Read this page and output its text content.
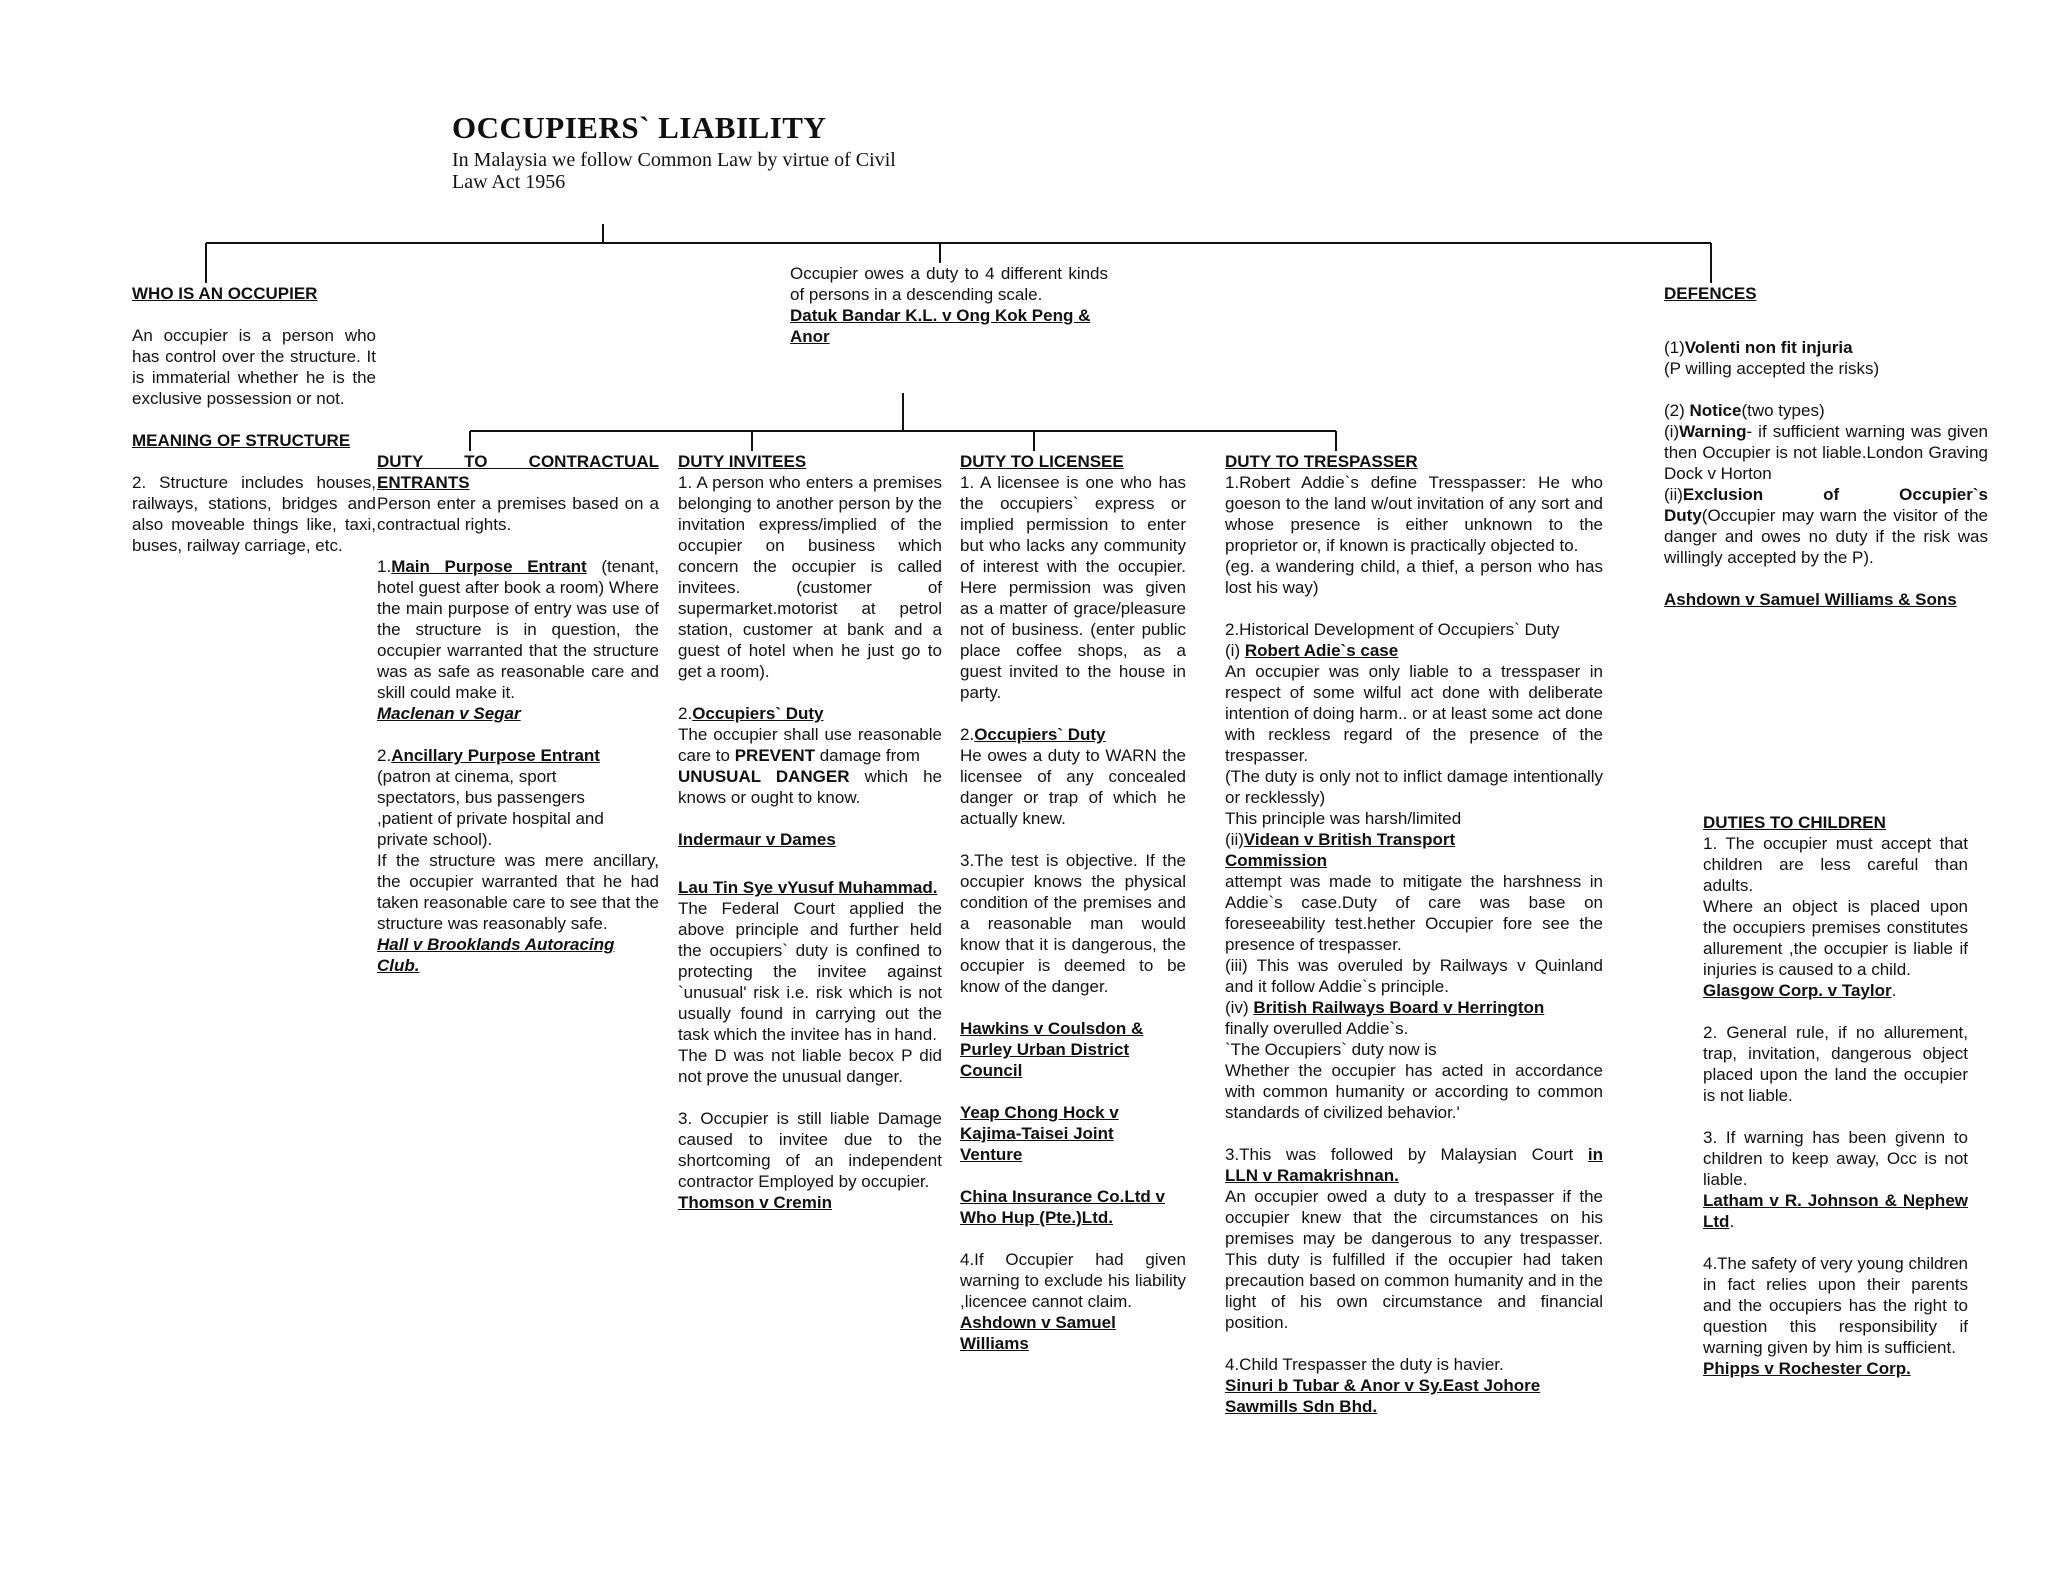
OCCUPIERS` LIABILITY
In Malaysia we follow Common Law by virtue of Civil Law Act 1956

Occupier owes a duty to 4 different kinds of persons in a descending scale.

Datuk Bandar K.L. v Ong Kok Peng & Anor

WHO IS AN OCCUPIER

An occupier is a person who has control over the structure. It is immaterial whether he is the exclusive possession or not.

MEANING OF STRUCTURE

2. Structure includes houses, railways, stations, bridges and also moveable things like, taxi, buses, railway carriage, etc.

DUTY TO CONTRACTUAL ENTRANTS

Person enter a premises based on a contractual rights.

1.Main Purpose Entrant (tenant, hotel guest after book a room) Where the main purpose of entry was use of the structure is in question, the occupier warranted that the structure was as safe as reasonable care and skill could make it.

Maclenan v Segar

2.Ancillary Purpose Entrant

(patron at cinema, sport spectators, bus passengers ,patient of private hospital and private school).

If the structure was mere ancillary, the occupier warranted that he had taken reasonable care to see that the structure was reasonably safe.

Hall v Brooklands Autoracing Club.

DUTY INVITEES

1. A person who enters a premises belonging to another person by the invitation express/implied of the occupier on business which concern the occupier is called invitees. (customer of supermarket.motorist at petrol station, customer at bank and a guest of hotel when he just go to get a room).

2.Occupiers` Duty

The occupier shall use reasonable care to PREVENT damage from
UNUSUAL DANGER which he knows or ought to know.

Indermaur v Dames

Lau Tin Sye vYusuf Muhammad.

The Federal Court applied the above principle and further held the occupiers` duty is confined to protecting the invitee against `unusual' risk i.e. risk which is not usually found in carrying out the task which the invitee has in hand.

The D was not liable becox P did not prove the unusual danger.

3. Occupier is still liable Damage caused to invitee due to the shortcoming of an independent contractor Employed by occupier.

Thomson v Cremin

DUTY TO LICENSEE

1. A licensee is one who has the occupiers` express or implied permission to enter but who lacks any community of interest with the occupier. Here permission was given as a matter of grace/pleasure not of business. (enter public place coffee shops, as a guest invited to the house in party.

2.Occupiers` Duty

He owes a duty to WARN the licensee of any concealed danger or trap of which he actually knew.

3.The test is objective. If the occupier knows the physical condition of the premises and a reasonable man would know that it is dangerous, the occupier is deemed to be know of the danger.

Hawkins v Coulsdon & Purley Urban District Council

Yeap Chong Hock v Kajima-Taisei Joint Venture

China Insurance Co.Ltd v Who Hup (Pte.)Ltd.

4.If Occupier had given warning to exclude his liability ,licencee cannot claim.

Ashdown v Samuel Williams

DUTY TO TRESPASSER

1.Robert Addie`s define Tresspasser: He who goeson to the land w/out invitation of any sort and whose presence is either unknown to the proprietor or, if known is practically objected to.

(eg. a wandering child, a thief, a person who has lost his way)

2.Historical Development of Occupiers` Duty

(i) Robert Adie`s case

An occupier was only liable to a tresspaser in respect of some wilful act done with deliberate intention of doing harm.. or at least some act done with reckless regard of the presence of the trespasser.

(The duty is only not to inflict damage intentionally or recklessly)

This principle was harsh/limited

(ii)Videan v British Transport Commission

attempt was made to mitigate the harshness in Addie`s case.Duty of care was base on foreseeability test.hether Occupier fore see the presence of trespasser.

(iii) This was overuled by Railways v Quinland and it follow Addie`s principle.

(iv) British Railways Board v Herrington

finally overulled Addie`s.

`The Occupiers` duty now is

Whether the occupier has acted in accordance with common humanity or according to common standards of civilized behavior.'

3.This was followed by Malaysian Court in

LLN v Ramakrishnan.

An occupier owed a duty to a trespasser if the occupier knew that the circumstances on his premises may be dangerous to any trespasser. This duty is fulfilled if the occupier had taken precaution based on common humanity and in the light of his own circumstance and financial position.

4.Child Trespasser the duty is havier.

Sinuri b Tubar & Anor v Sy.East Johore Sawmills Sdn Bhd.

DEFENCES

(1)Volenti non fit injuria

(P willing accepted the risks)

(2) Notice(two types)

(i)Warning- if sufficient warning was given then Occupier is not liable.London Graving Dock v Horton

(ii)Exclusion of Occupier`s Duty(Occupier may warn the visitor of the danger and owes no duty if the risk was willingly accepted by the P).

Ashdown v Samuel Williams & Sons

DUTIES TO CHILDREN

1. The occupier must accept that children are less careful than adults.

Where an object is placed upon the occupiers premises constitutes allurement ,the occupier is liable if injuries is caused to a child.

Glasgow Corp. v Taylor.

2. General rule, if no allurement, trap, invitation, dangerous object placed upon the land the occupier is not liable.

3. If warning has been givenn to children to keep away, Occ is not liable.

Latham v R. Johnson & Nephew Ltd.

4.The safety of very young children in fact relies upon their parents and the occupiers has the right to question this responsibility if warning given by him is sufficient.

Phipps v Rochester Corp.
